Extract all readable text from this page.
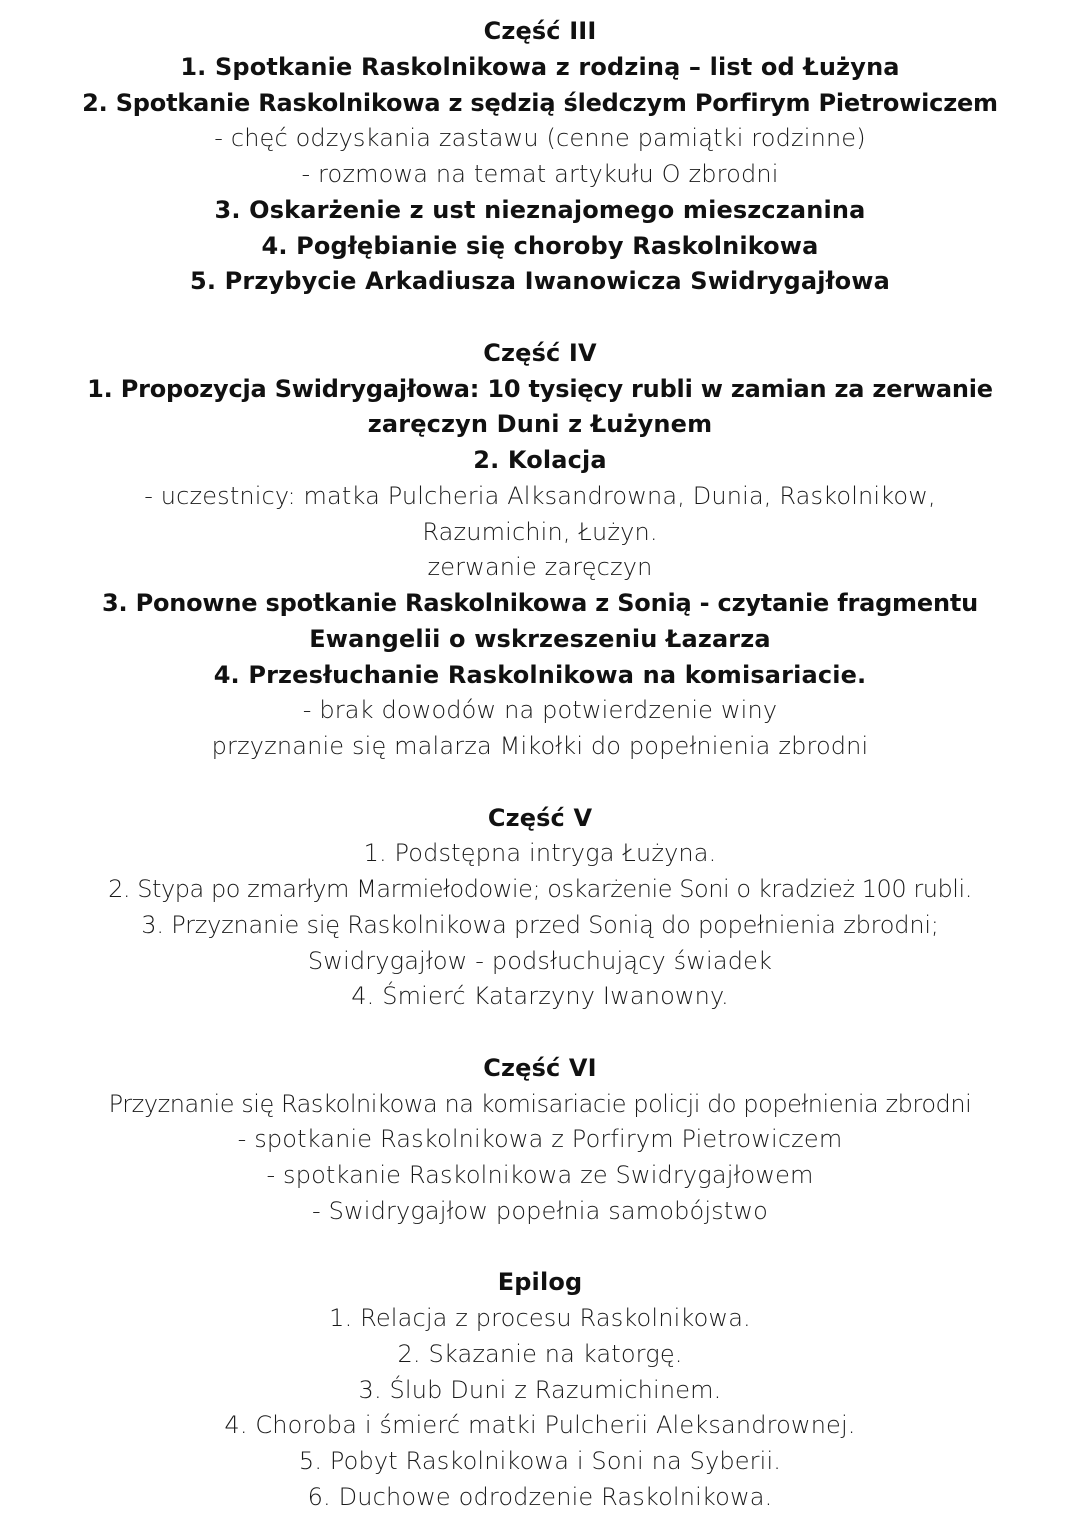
Część III
1. Spotkanie Raskolnikowa z rodziną – list od Łużyna
2. Spotkanie Raskolnikowa z sędzią śledczym Porfirym Pietrowiczem
- chęć odzyskania zastawu (cenne pamiątki rodzinne)
- rozmowa na temat artykułu O zbrodni
3. Oskarżenie z ust nieznajomego mieszczanina
4. Pogłębianie się choroby Raskolnikowa
5. Przybycie Arkadiusza Iwanowicza Swidrygajłowa
Część IV
1. Propozycja Swidrygajłowa: 10 tysięcy rubli w zamian za zerwanie
zaręczyn Duni z Łużynem
2. Kolacja
- uczestnicy: matka Pulcheria Alksandrowna, Dunia, Raskolnikow,
Razumichin, Łużyn.
zerwanie zaręczyn
3. Ponowne spotkanie Raskolnikowa z Sonią - czytanie fragmentu
Ewangelii o wskrzeszeniu Łazarza
4. Przesłuchanie Raskolnikowa na komisariacie.
- brak dowodów na potwierdzenie winy
przyznanie się malarza Mikołki do popełnienia zbrodni
Część V
1. Podstępna intryga Łużyna.
2. Stypa po zmarłym Marmiełodowie; oskarżenie Soni o kradzież 100 rubli.
3. Przyznanie się Raskolnikowa przed Sonią do popełnienia zbrodni;
Swidrygajłow - podsłuchujący świadek
4. Śmierć Katarzyny Iwanowny.
Część VI
Przyznanie się Raskolnikowa na komisariacie policji do popełnienia zbrodni
- spotkanie Raskolnikowa z Porfirym Pietrowiczem
- spotkanie Raskolnikowa ze Swidrygajłowem
- Swidrygajłow popełnia samobójstwo
Epilog
1. Relacja z procesu Raskolnikowa.
2. Skazanie na katorgę.
3. Ślub Duni z Razumichinem.
4. Choroba i śmierć matki Pulcherii Aleksandrownej.
5. Pobyt Raskolnikowa i Soni na Syberii.
6. Duchowe odrodzenie Raskolnikowa.
